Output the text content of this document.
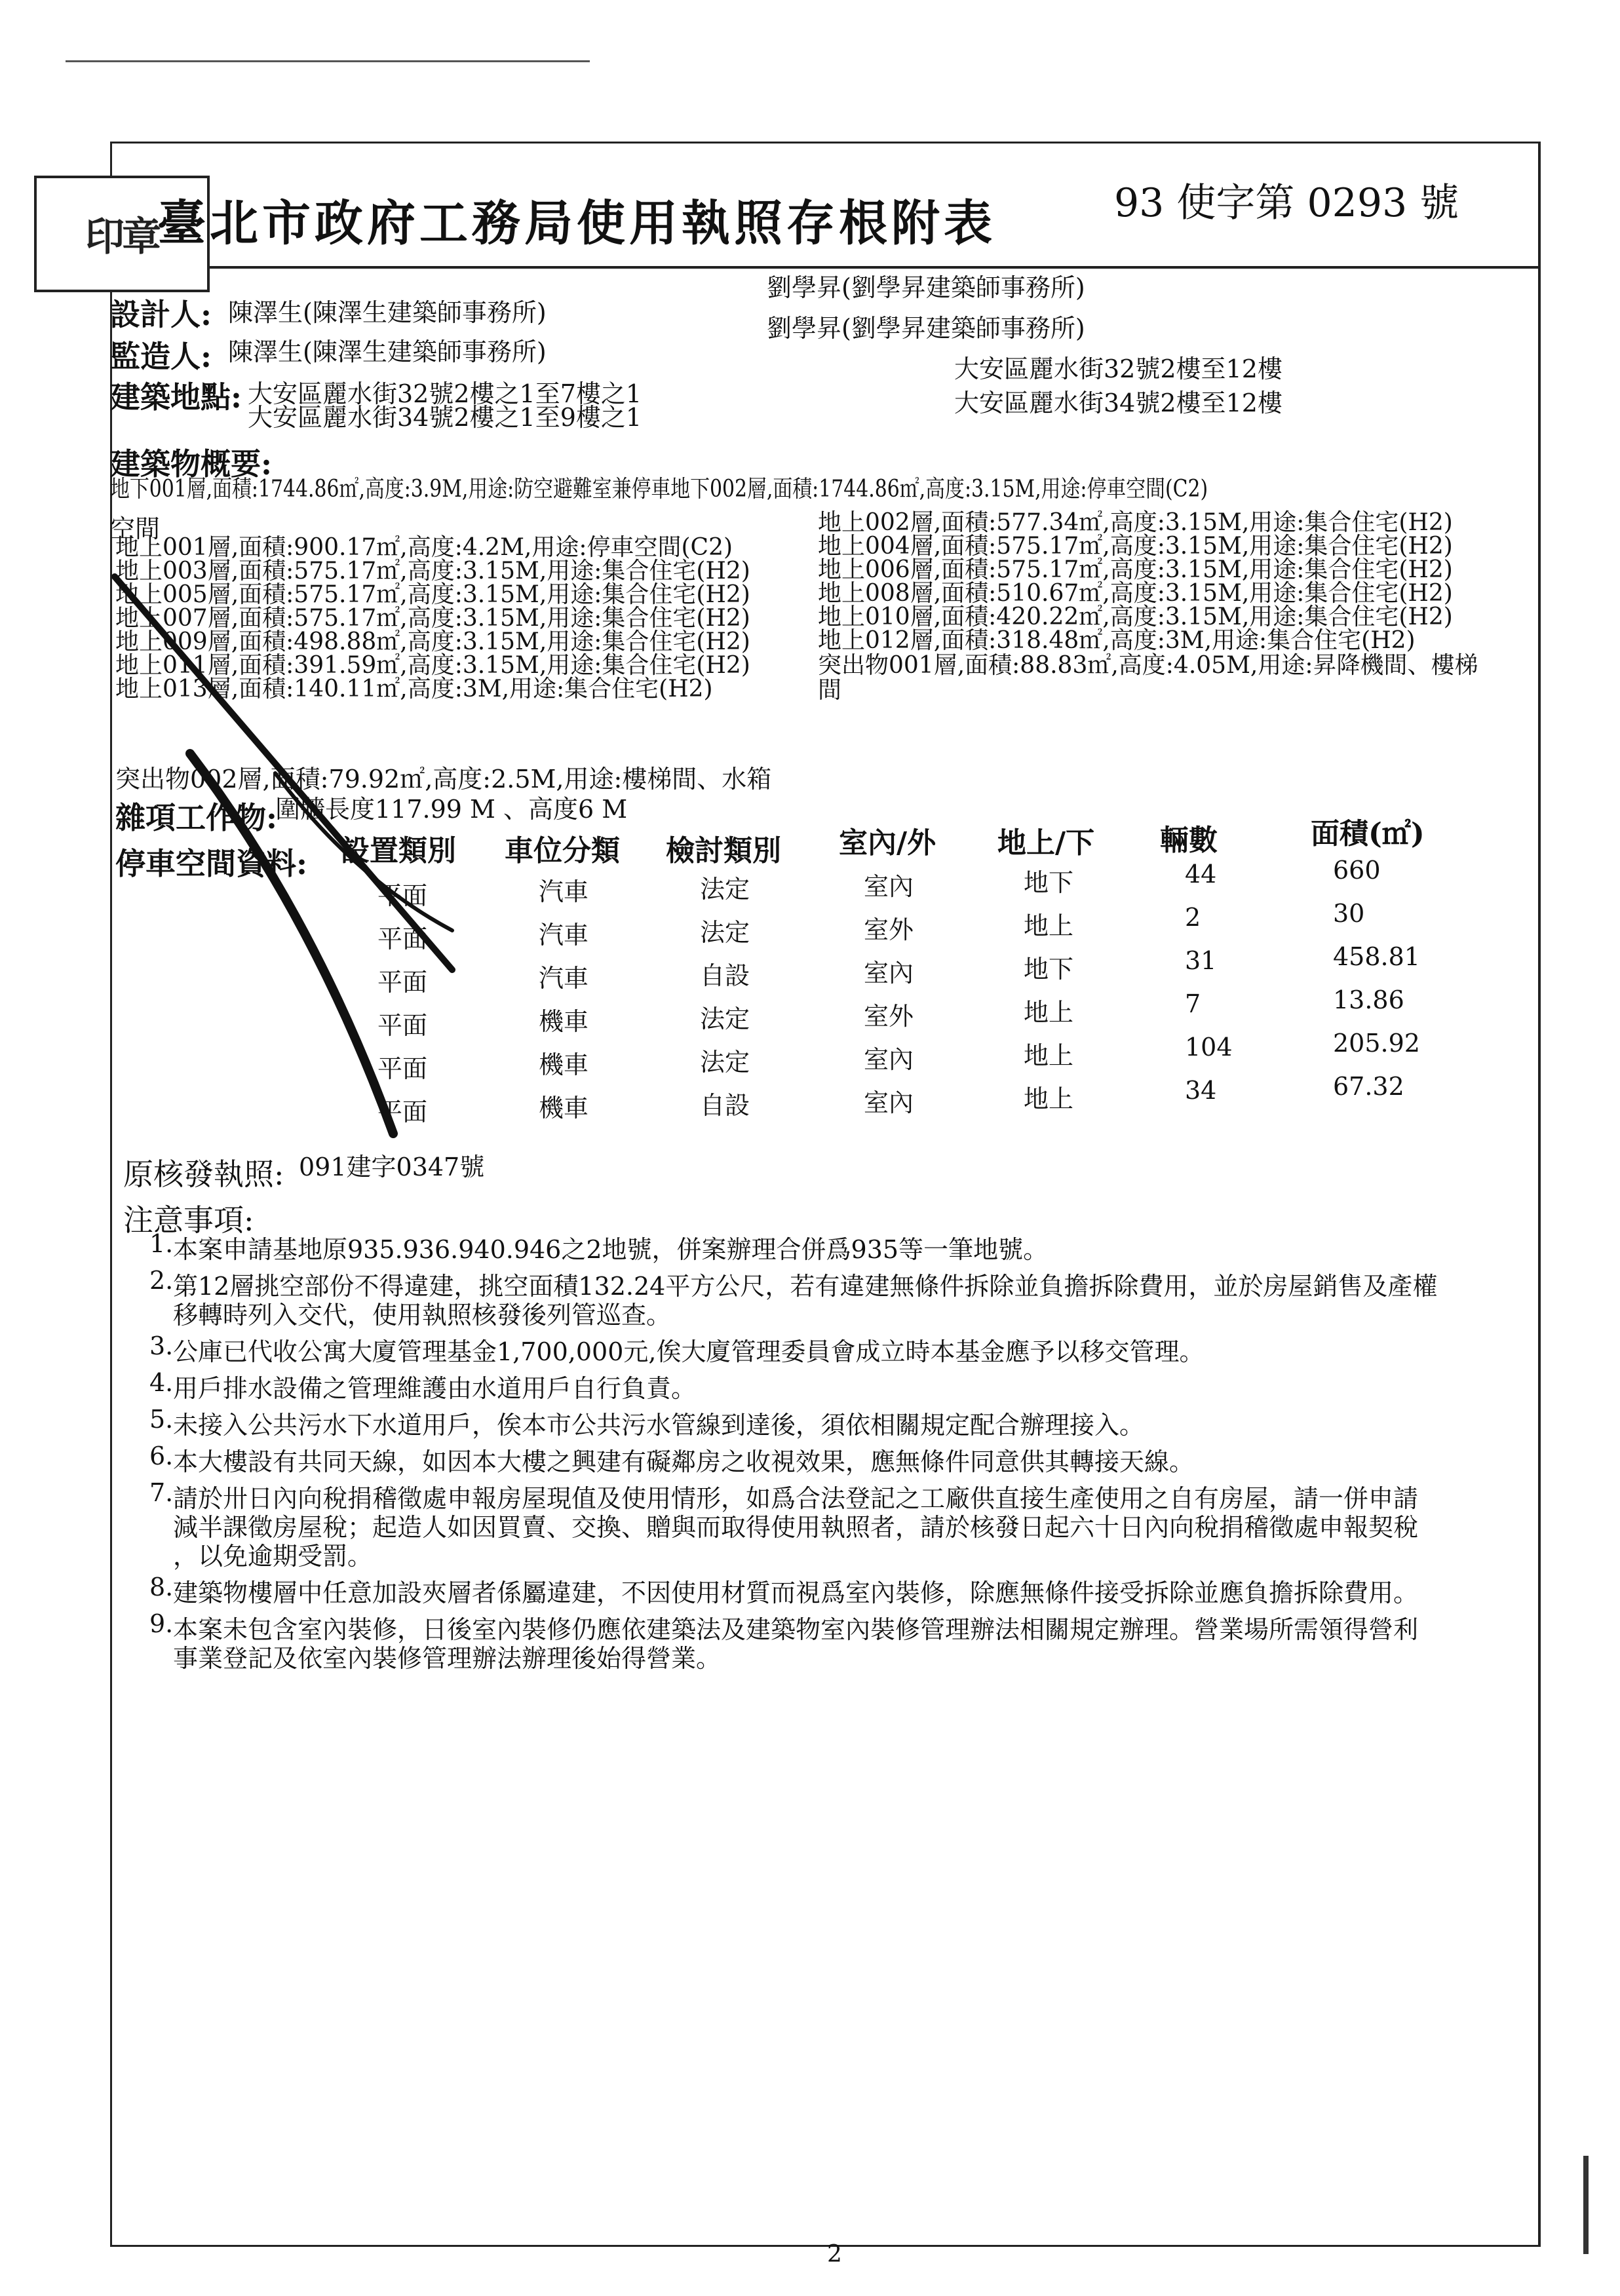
印章
臺北市政府工務局使用執照存根附表	93 使字第 0293 號
設計人: 陳澤生(陳澤生建築師事務所)
劉學昇(劉學昇建築師事務所)
監造人: 陳澤生(陳澤生建築師事務所)
劉學昇(劉學昇建築師事務所)
建築地點: 大安區麗水街32號2樓之1至7樓之1
大安區麗水街34號2樓之1至9樓之1
大安區麗水街32號2樓至12樓
大安區麗水街34號2樓至12樓
建築物概要:
地下001層,面積:1744.86㎡,高度:3.9M,用途:防空避難室兼停車地下002層,面積:1744.86㎡,高度:3.15M,用途:停車空間(C2)
空間
地上001層,面積:900.17㎡,高度:4.2M,用途:停車空間(C2)
地上003層,面積:575.17㎡,高度:3.15M,用途:集合住宅(H2)
地上005層,面積:575.17㎡,高度:3.15M,用途:集合住宅(H2)
地上007層,面積:575.17㎡,高度:3.15M,用途:集合住宅(H2)
地上009層,面積:498.88㎡,高度:3.15M,用途:集合住宅(H2)
地上011層,面積:391.59㎡,高度:3.15M,用途:集合住宅(H2)
地上013層,面積:140.11㎡,高度:3M,用途:集合住宅(H2)
地上002層,面積:577.34㎡,高度:3.15M,用途:集合住宅(H2)
地上004層,面積:575.17㎡,高度:3.15M,用途:集合住宅(H2)
地上006層,面積:575.17㎡,高度:3.15M,用途:集合住宅(H2)
地上008層,面積:510.67㎡,高度:3.15M,用途:集合住宅(H2)
地上010層,面積:420.22㎡,高度:3.15M,用途:集合住宅(H2)
地上012層,面積:318.48㎡,高度:3M,用途:集合住宅(H2)
突出物001層,面積:88.83㎡,高度:4.05M,用途:昇降機間、樓梯
間
突出物002層,面積:79.92㎡,高度:2.5M,用途:樓梯間、水箱
雜項工作物:
圍牆長度117.99 M 、高度6 M
停車空間資料: 設置類別 車位分類 檢討類別 室內/外 地上/下 輛數	面積(㎡)
平面	汽車	法定	室內	地下	44	660
平面	汽車	法定	室外	地上	2	30
平面	汽車	自設	室內	地下	31	458.81
平面	機車	法定	室外	地上	7	13.86
平面	機車	法定	室內	地上	104	205.92
平面	機車	自設	室內	地上	34	67.32
原核發執照: 091建字0347號
注意事項:
1. 本案申請基地原935.936.940.946之2地號，併案辦理合併爲935等一筆地號。
2. 第12層挑空部份不得違建，挑空面積132.24平方公尺，若有違建無條件拆除並負擔拆除費用，並於房屋銷售及產權
移轉時列入交代，使用執照核發後列管巡查。
3. 公庫已代收公寓大廈管理基金1,700,000元,俟大廈管理委員會成立時本基金應予以移交管理。
4. 用戶排水設備之管理維護由水道用戶自行負責。
5. 未接入公共污水下水道用戶，俟本市公共污水管線到達後，須依相關規定配合辦理接入。
6. 本大樓設有共同天線，如因本大樓之興建有礙鄰房之收視效果，應無條件同意供其轉接天線。
7. 請於卅日內向稅捐稽徵處申報房屋現值及使用情形，如爲合法登記之工廠供直接生產使用之自有房屋，請一併申請
減半課徵房屋稅；起造人如因買賣、交換、贈與而取得使用執照者，請於核發日起六十日內向稅捐稽徵處申報契稅
，以免逾期受罰。
8. 建築物樓層中任意加設夾層者係屬違建，不因使用材質而視爲室內裝修，除應無條件接受拆除並應負擔拆除費用。
9. 本案未包含室內裝修，日後室內裝修仍應依建築法及建築物室內裝修管理辦法相關規定辦理。營業場所需領得營利
事業登記及依室內裝修管理辦法辦理後始得營業。
2
